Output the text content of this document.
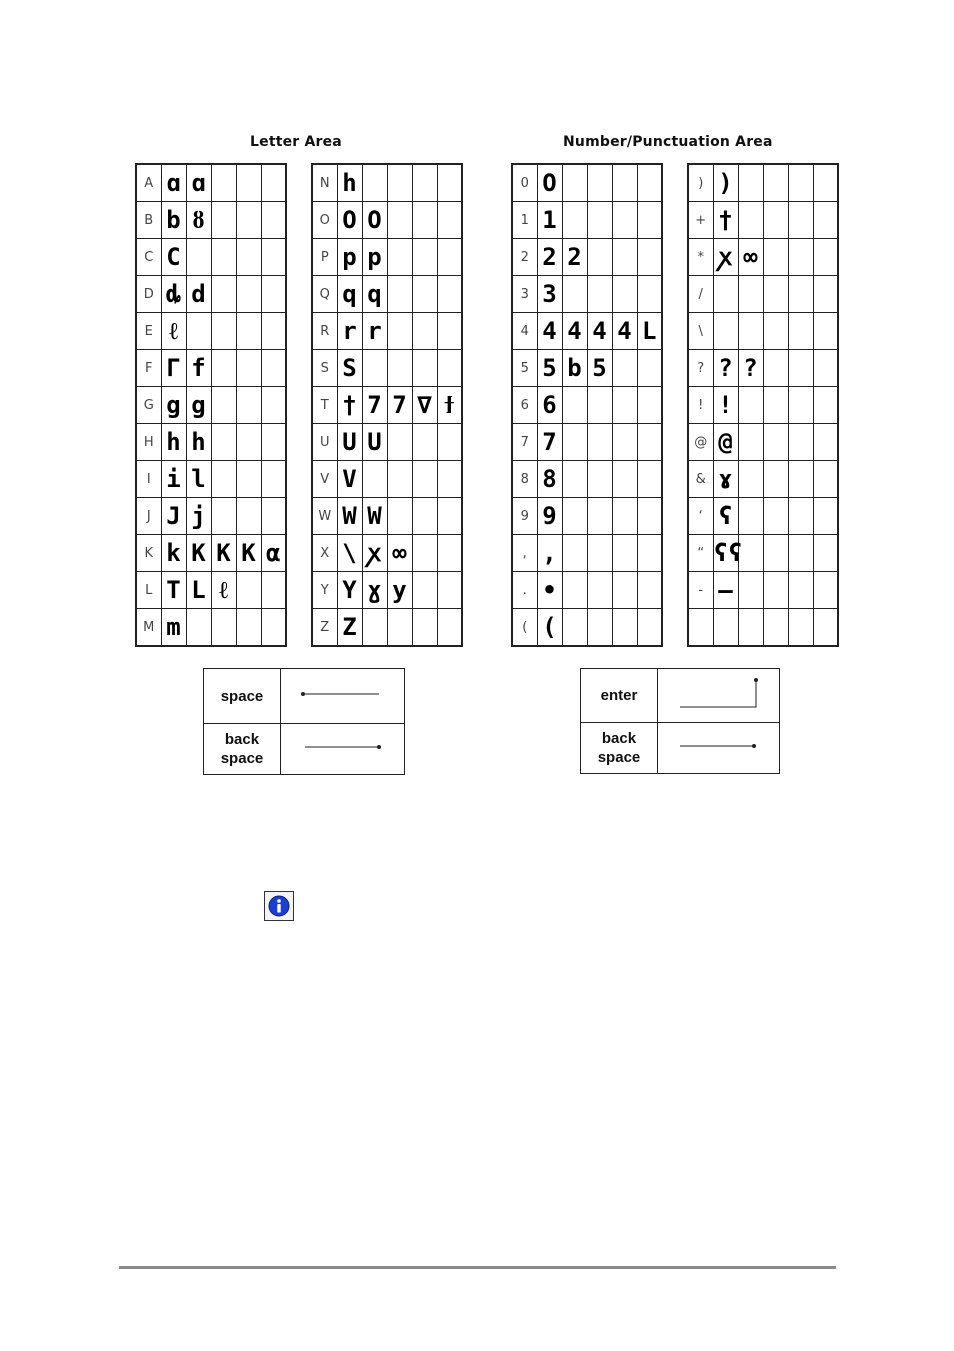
Letter Area	Number/Punctuation Area
A	ɑ	ɑ			
B	b	ȣ			
C	C				
D	ȡ	d			
E	ℓ				
F	Γ	f			
G	g	g			
H	h	h			
I	i	l			
J	J	j			
K	k	K	K	K	α
L	T	L	ℓ		
M	m				
N	h				
O	O	O			
P	p	p			
Q	q	q			
R	r	r			
S	S				
T	†	7	7	∇	ϯ
U	U	U			
V	V				
W	W	W			
X	\	ꭗ	∞		
Y	Y	ɣ	y		
Z	Z				
0	O				
1	1				
2	2	2			
3	3				
4	4	4	4	4	L
5	5	b	5		
6	6				
7	7				
8	8				
9	9				
,	,				
.	•				
(	(				
)	)				
+	†				
*	ꭗ	∞			
/					
\					
?	?	?			
!	!				
@	@				
&	ɤ				
‘	ʕ				
“	ʕʕ				
-	–				

space	

back
space

enter	

back
space
